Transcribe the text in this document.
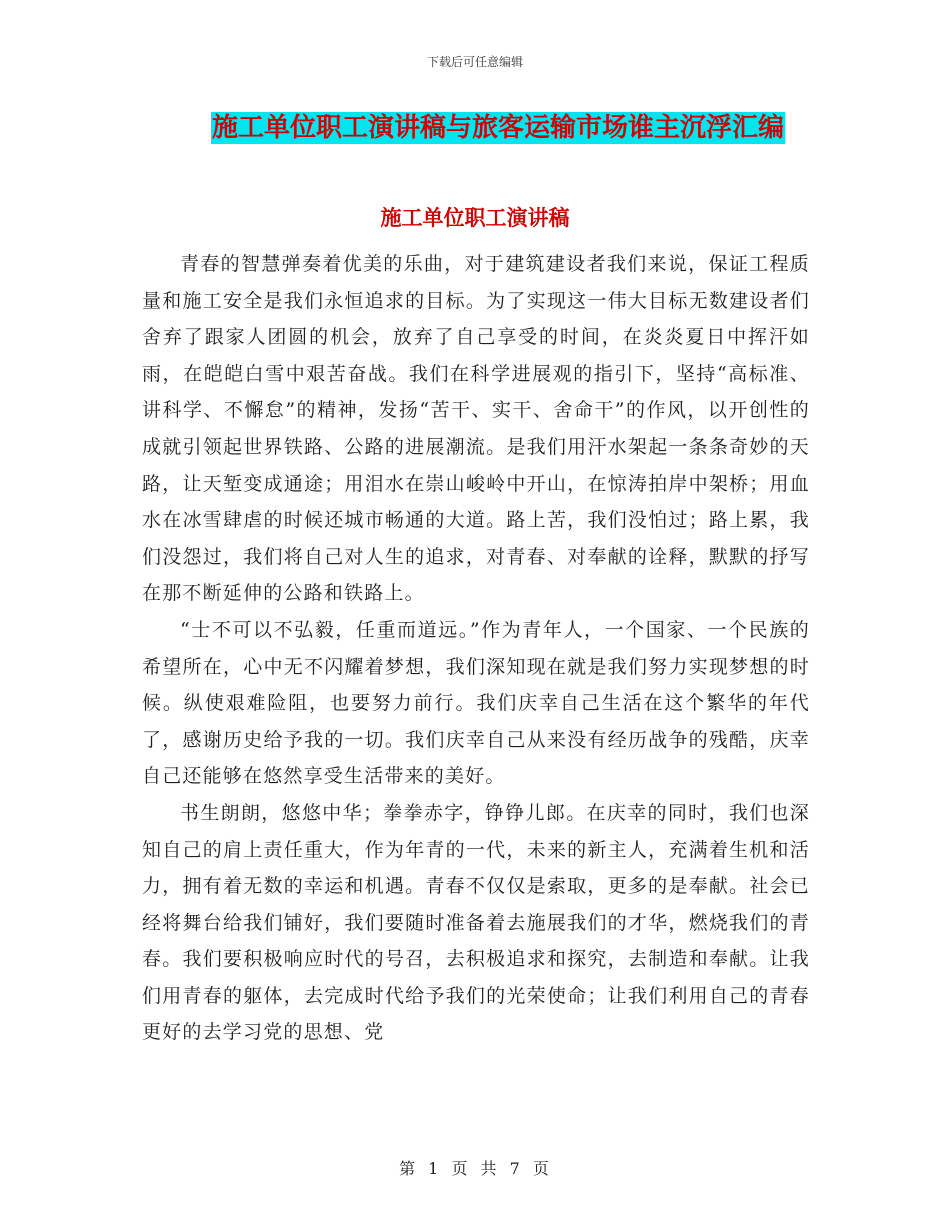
下载后可任意编辑
施工单位职工演讲稿与旅客运输市场谁主沉浮汇编
施工单位职工演讲稿

青春的智慧弹奏着优美的乐曲，对于建筑建设者我们来说，保证工程质量和施工安全是我们永恒追求的目标。为了实现这一伟大目标无数建设者们舍弃了跟家人团圆的机会，放弃了自己享受的时间，在炎炎夏日中挥汗如雨，在皑皑白雪中艰苦奋战。我们在科学进展观的指引下，坚持“高标准、讲科学、不懈怠”的精神，发扬“苦干、实干、舍命干”的作风，以开创性的成就引领起世界铁路、公路的进展潮流。是我们用汗水架起一条条奇妙的天路，让天堑变成通途；用泪水在崇山峻岭中开山，在惊涛拍岸中架桥；用血水在冰雪肆虐的时候还城市畅通的大道。路上苦，我们没怕过；路上累，我们没怨过，我们将自己对人生的追求，对青春、对奉献的诠释，默默的抒写在那不断延伸的公路和铁路上。

“士不可以不弘毅，任重而道远。”作为青年人，一个国家、一个民族的希望所在，心中无不闪耀着梦想，我们深知现在就是我们努力实现梦想的时候。纵使艰难险阻，也要努力前行。我们庆幸自己生活在这个繁华的年代了，感谢历史给予我的一切。我们庆幸自己从来没有经历战争的残酷，庆幸自己还能够在悠然享受生活带来的美好。

书生朗朗，悠悠中华；拳拳赤字，铮铮儿郎。在庆幸的同时，我们也深知自己的肩上责任重大，作为年青的一代，未来的新主人，充满着生机和活力，拥有着无数的幸运和机遇。青春不仅仅是索取，更多的是奉献。社会已经将舞台给我们铺好，我们要随时准备着去施展我们的才华，燃烧我们的青春。我们要积极响应时代的号召，去积极追求和探究，去制造和奉献。让我们用青春的躯体，去完成时代给予我们的光荣使命；让我们利用自己的青春更好的去学习党的思想、党

第 1 页 共 7 页
